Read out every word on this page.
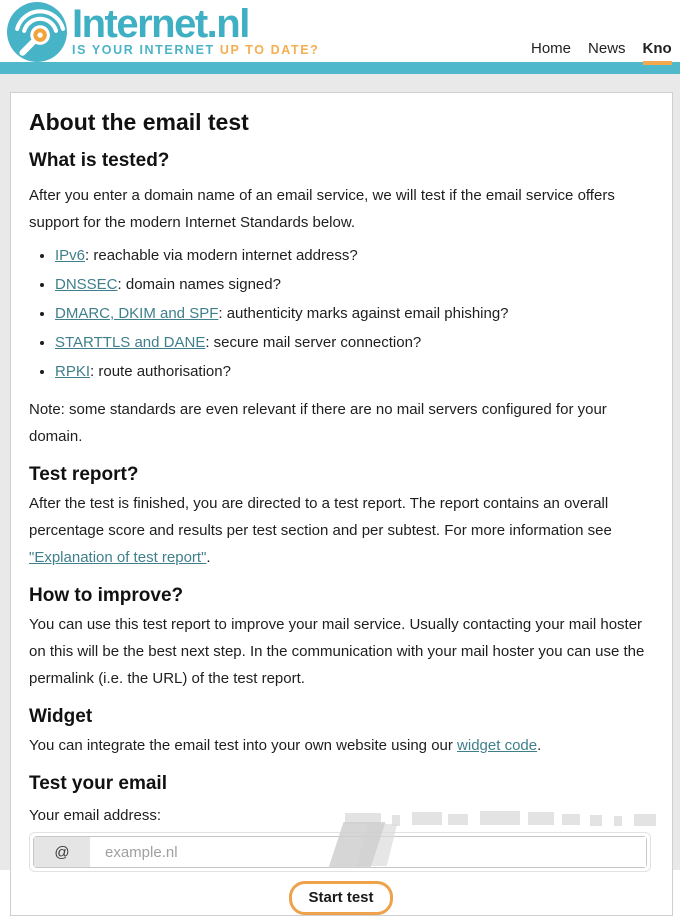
Internet.nl
IS YOUR INTERNET UP TO DATE?	Home News Kno
About the email test
What is tested?

After you enter a domain name of an email service, we will test if the email service offers support for the modern Internet Standards below.

• IPv6: reachable via modern internet address?
• DNSSEC: domain names signed?
• DMARC, DKIM and SPF: authenticity marks against email phishing?
• STARTTLS and DANE: secure mail server connection?
• RPKI: route authorisation?

Note: some standards are even relevant if there are no mail servers configured for your domain.

Test report?

After the test is finished, you are directed to a test report. The report contains an overall percentage score and results per test section and per subtest. For more information see "Explanation of test report".

How to improve?

You can use this test report to improve your mail service. Usually contacting your mail hoster on this will be the best next step. In the communication with your mail hoster you can use the permalink (i.e. the URL) of the test report.

Widget

You can integrate the email test into your own website using our widget code.

Test your email
Your email address:
@
example.nl
Start test
